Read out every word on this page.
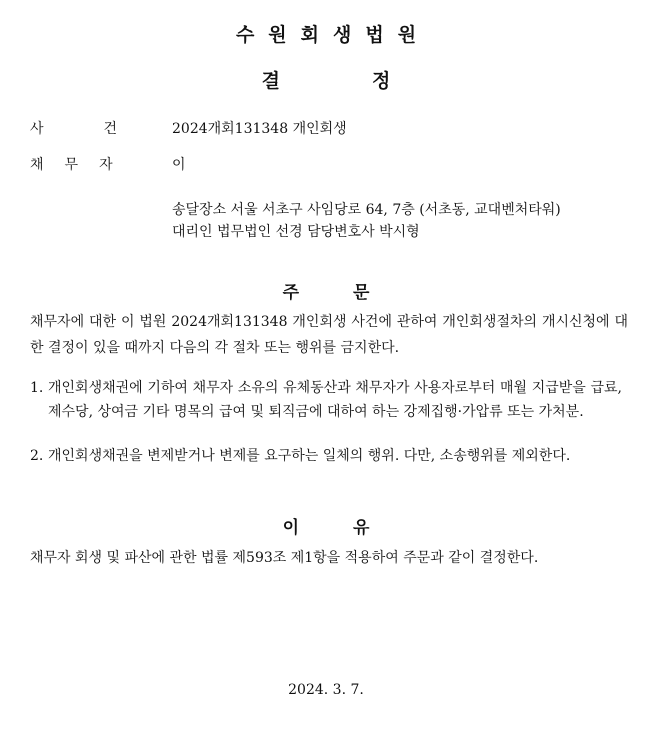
수원회생법원
결	정
사	건	2024개회131348 개인회생
채 무 자	이
송달장소 서울 서초구 사임당로 64, 7층 (서초동, 교대벤처타워)
대리인 법무법인 선경 담당변호사 박시형
주	문
채무자에 대한 이 법원 2024개회131348 개인회생 사건에 관하여 개인회생절차의 개시신청에 대한 결정이 있을 때까지 다음의 각 절차 또는 행위를 금지한다.
1. 개인회생채권에 기하여 채무자 소유의 유체동산과 채무자가 사용자로부터 매월 지급받을 급료, 제수당, 상여금 기타 명목의 급여 및 퇴직금에 대하여 하는 강제집행·가압류 또는 가처분.
2. 개인회생채권을 변제받거나 변제를 요구하는 일체의 행위. 다만, 소송행위를 제외한다.
이	유
채무자 회생 및 파산에 관한 법률 제593조 제1항을 적용하여 주문과 같이 결정한다.
2024. 3. 7.
